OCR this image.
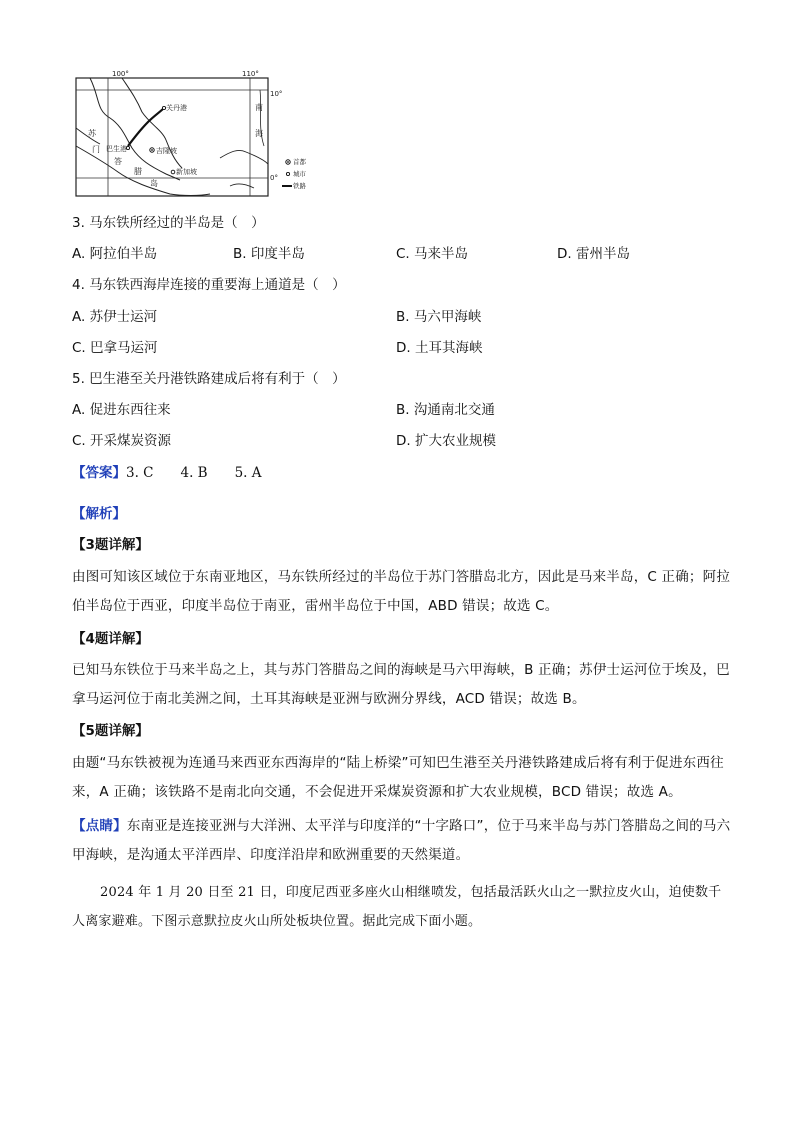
100°	110°
10°
0°
关丹港
巴生港	吉隆坡
新加坡
南
海
苏
门
答
腊
岛
首都
城市
铁路
3. 马东铁所经过的半岛是（　）
A. 阿拉伯半岛	B. 印度半岛	C. 马来半岛	D. 雷州半岛
4. 马东铁西海岸连接的重要海上通道是（　）
A. 苏伊士运河	B. 马六甲海峡
C. 巴拿马运河	D. 土耳其海峡
5. 巴生港至关丹港铁路建成后将有利于（　）
A. 促进东西往来	B. 沟通南北交通
C. 开采煤炭资源	D. 扩大农业规模
【答案】3. C　　4. B　　5. A
【解析】
【3题详解】
由图可知该区域位于东南亚地区，马东铁所经过的半岛位于苏门答腊岛北方，因此是马来半岛，C 正确；阿拉伯半岛位于西亚，印度半岛位于南亚，雷州半岛位于中国，ABD 错误；故选 C。
【4题详解】
已知马东铁位于马来半岛之上，其与苏门答腊岛之间的海峡是马六甲海峡，B 正确；苏伊士运河位于埃及，巴拿马运河位于南北美洲之间，土耳其海峡是亚洲与欧洲分界线，ACD 错误；故选 B。
【5题详解】
由题“马东铁被视为连通马来西亚东西海岸的“陆上桥梁”可知巴生港至关丹港铁路建成后将有利于促进东西往来，A 正确；该铁路不是南北向交通，不会促进开采煤炭资源和扩大农业规模，BCD 错误；故选 A。
【点睛】东南亚是连接亚洲与大洋洲、太平洋与印度洋的“十字路口”，位于马来半岛与苏门答腊岛之间的马六甲海峡，是沟通太平洋西岸、印度洋沿岸和欧洲重要的天然渠道。
2024 年 1 月 20 日至 21 日，印度尼西亚多座火山相继喷发，包括最活跃火山之一默拉皮火山，迫使数千人离家避难。下图示意默拉皮火山所处板块位置。据此完成下面小题。
